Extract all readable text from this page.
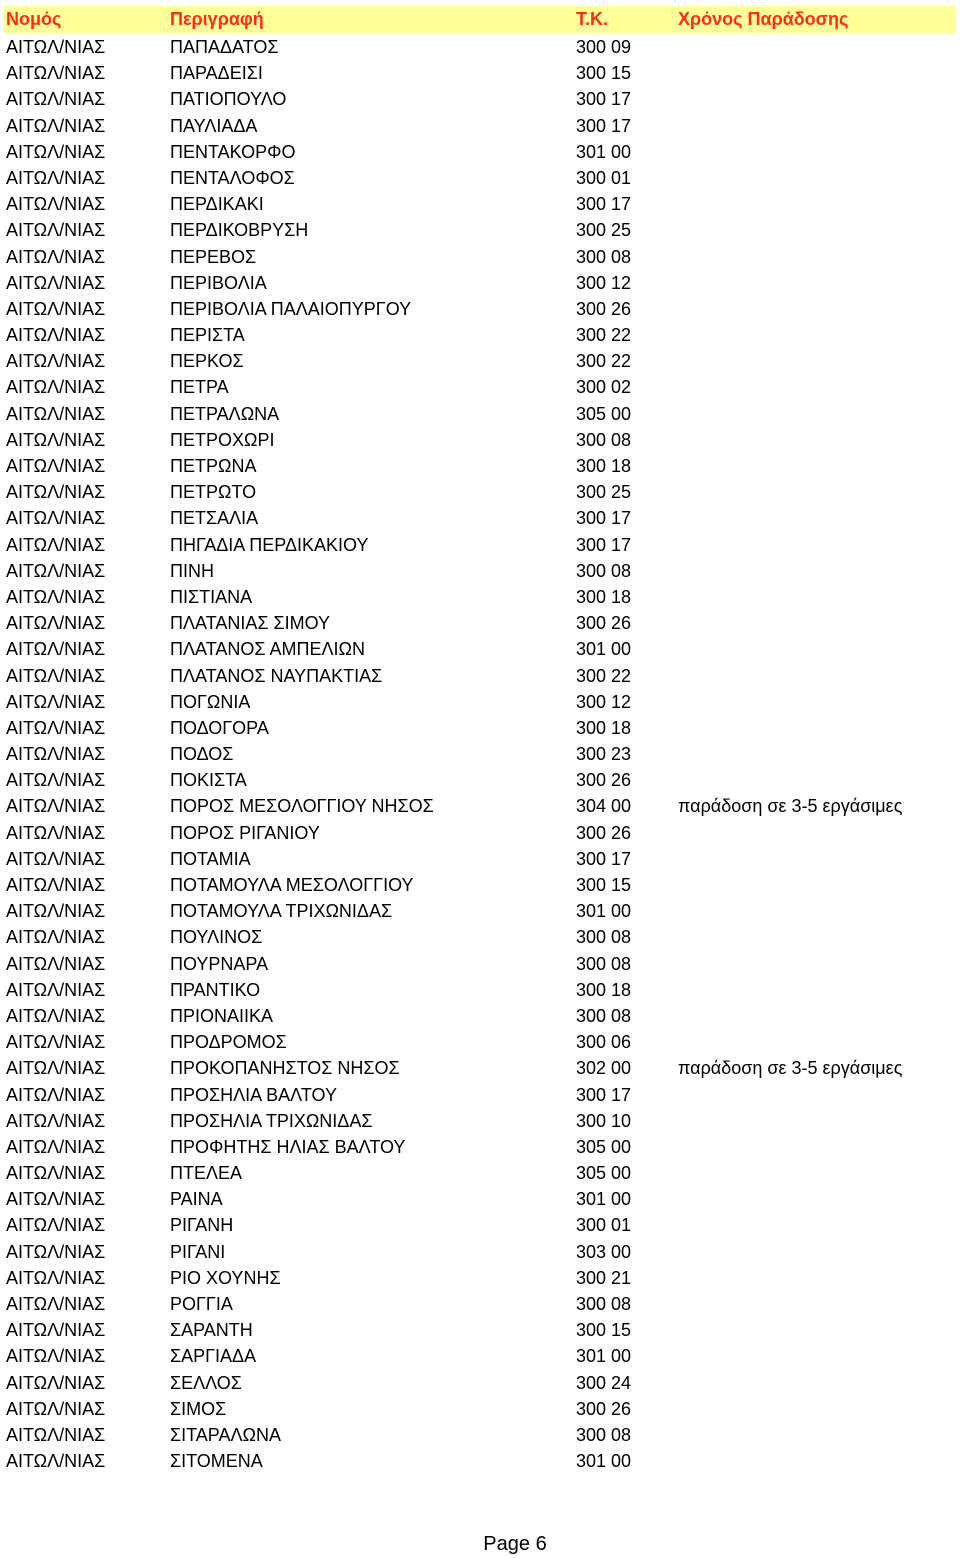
Νομός	Περιγραφή	Τ.Κ.	Χρόνος Παράδοσης
ΑΙΤΩΛ/ΝΙΑΣ	ΠΑΠΑΔΑΤΟΣ	300 09
ΑΙΤΩΛ/ΝΙΑΣ	ΠΑΡΑΔΕΙΣΙ	300 15
ΑΙΤΩΛ/ΝΙΑΣ	ΠΑΤΙΟΠΟΥΛΟ	300 17
ΑΙΤΩΛ/ΝΙΑΣ	ΠΑΥΛΙΑΔΑ	300 17
ΑΙΤΩΛ/ΝΙΑΣ	ΠΕΝΤΑΚΟΡΦΟ	301 00
ΑΙΤΩΛ/ΝΙΑΣ	ΠΕΝΤΑΛΟΦΟΣ	300 01
ΑΙΤΩΛ/ΝΙΑΣ	ΠΕΡΔΙΚΑΚΙ	300 17
ΑΙΤΩΛ/ΝΙΑΣ	ΠΕΡΔΙΚΟΒΡΥΣΗ	300 25
ΑΙΤΩΛ/ΝΙΑΣ	ΠΕΡΕΒΟΣ	300 08
ΑΙΤΩΛ/ΝΙΑΣ	ΠΕΡΙΒΟΛΙΑ	300 12
ΑΙΤΩΛ/ΝΙΑΣ	ΠΕΡΙΒΟΛΙΑ ΠΑΛΑΙΟΠΥΡΓΟΥ	300 26
ΑΙΤΩΛ/ΝΙΑΣ	ΠΕΡΙΣΤΑ	300 22
ΑΙΤΩΛ/ΝΙΑΣ	ΠΕΡΚΟΣ	300 22
ΑΙΤΩΛ/ΝΙΑΣ	ΠΕΤΡΑ	300 02
ΑΙΤΩΛ/ΝΙΑΣ	ΠΕΤΡΑΛΩΝΑ	305 00
ΑΙΤΩΛ/ΝΙΑΣ	ΠΕΤΡΟΧΩΡΙ	300 08
ΑΙΤΩΛ/ΝΙΑΣ	ΠΕΤΡΩΝΑ	300 18
ΑΙΤΩΛ/ΝΙΑΣ	ΠΕΤΡΩΤΟ	300 25
ΑΙΤΩΛ/ΝΙΑΣ	ΠΕΤΣΑΛΙΑ	300 17
ΑΙΤΩΛ/ΝΙΑΣ	ΠΗΓΑΔΙΑ ΠΕΡΔΙΚΑΚΙΟΥ	300 17
ΑΙΤΩΛ/ΝΙΑΣ	ΠΙΝΗ	300 08
ΑΙΤΩΛ/ΝΙΑΣ	ΠΙΣΤΙΑΝΑ	300 18
ΑΙΤΩΛ/ΝΙΑΣ	ΠΛΑΤΑΝΙΑΣ ΣΙΜΟΥ	300 26
ΑΙΤΩΛ/ΝΙΑΣ	ΠΛΑΤΑΝΟΣ ΑΜΠΕΛΙΩΝ	301 00
ΑΙΤΩΛ/ΝΙΑΣ	ΠΛΑΤΑΝΟΣ ΝΑΥΠΑΚΤΙΑΣ	300 22
ΑΙΤΩΛ/ΝΙΑΣ	ΠΟΓΩΝΙΑ	300 12
ΑΙΤΩΛ/ΝΙΑΣ	ΠΟΔΟΓΟΡΑ	300 18
ΑΙΤΩΛ/ΝΙΑΣ	ΠΟΔΟΣ	300 23
ΑΙΤΩΛ/ΝΙΑΣ	ΠΟΚΙΣΤΑ	300 26
ΑΙΤΩΛ/ΝΙΑΣ	ΠΟΡΟΣ ΜΕΣΟΛΟΓΓΙΟΥ ΝΗΣΟΣ	304 00	παράδοση σε 3-5 εργάσιμες
ΑΙΤΩΛ/ΝΙΑΣ	ΠΟΡΟΣ ΡΙΓΑΝΙΟΥ	300 26
ΑΙΤΩΛ/ΝΙΑΣ	ΠΟΤΑΜΙΑ	300 17
ΑΙΤΩΛ/ΝΙΑΣ	ΠΟΤΑΜΟΥΛΑ ΜΕΣΟΛΟΓΓΙΟΥ	300 15
ΑΙΤΩΛ/ΝΙΑΣ	ΠΟΤΑΜΟΥΛΑ ΤΡΙΧΩΝΙΔΑΣ	301 00
ΑΙΤΩΛ/ΝΙΑΣ	ΠΟΥΛΙΝΟΣ	300 08
ΑΙΤΩΛ/ΝΙΑΣ	ΠΟΥΡΝΑΡΑ	300 08
ΑΙΤΩΛ/ΝΙΑΣ	ΠΡΑΝΤΙΚΟ	300 18
ΑΙΤΩΛ/ΝΙΑΣ	ΠΡΙΟΝΑΙΙΚΑ	300 08
ΑΙΤΩΛ/ΝΙΑΣ	ΠΡΟΔΡΟΜΟΣ	300 06
ΑΙΤΩΛ/ΝΙΑΣ	ΠΡΟΚΟΠΑΝΗΣΤΟΣ ΝΗΣΟΣ	302 00	παράδοση σε 3-5 εργάσιμες
ΑΙΤΩΛ/ΝΙΑΣ	ΠΡΟΣΗΛΙΑ ΒΑΛΤΟΥ	300 17
ΑΙΤΩΛ/ΝΙΑΣ	ΠΡΟΣΗΛΙΑ ΤΡΙΧΩΝΙΔΑΣ	300 10
ΑΙΤΩΛ/ΝΙΑΣ	ΠΡΟΦΗΤΗΣ ΗΛΙΑΣ ΒΑΛΤΟΥ	305 00
ΑΙΤΩΛ/ΝΙΑΣ	ΠΤΕΛΕΑ	305 00
ΑΙΤΩΛ/ΝΙΑΣ	ΡΑΙΝΑ	301 00
ΑΙΤΩΛ/ΝΙΑΣ	ΡΙΓΑΝΗ	300 01
ΑΙΤΩΛ/ΝΙΑΣ	ΡΙΓΑΝΙ	303 00
ΑΙΤΩΛ/ΝΙΑΣ	ΡΙΟ ΧΟΥΝΗΣ	300 21
ΑΙΤΩΛ/ΝΙΑΣ	ΡΟΓΓΙΑ	300 08
ΑΙΤΩΛ/ΝΙΑΣ	ΣΑΡΑΝΤΗ	300 15
ΑΙΤΩΛ/ΝΙΑΣ	ΣΑΡΓΙΑΔΑ	301 00
ΑΙΤΩΛ/ΝΙΑΣ	ΣΕΛΛΟΣ	300 24
ΑΙΤΩΛ/ΝΙΑΣ	ΣΙΜΟΣ	300 26
ΑΙΤΩΛ/ΝΙΑΣ	ΣΙΤΑΡΑΛΩΝΑ	300 08
ΑΙΤΩΛ/ΝΙΑΣ	ΣΙΤΟΜΕΝΑ	301 00
Page 6
